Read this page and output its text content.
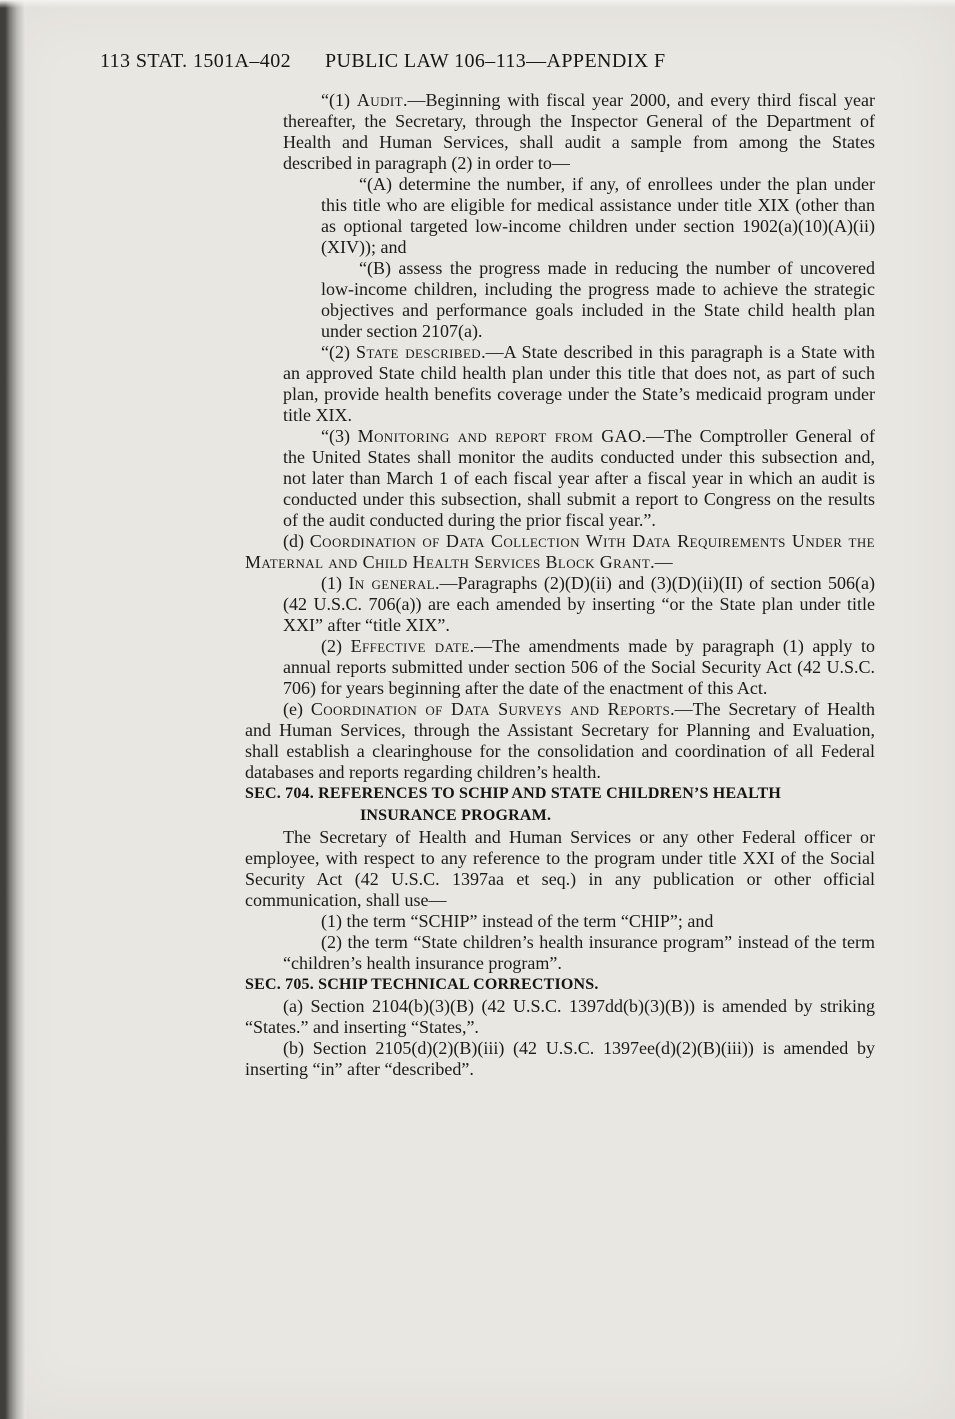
113 STAT. 1501A–402 PUBLIC LAW 106–113—APPENDIX F

“(1) Audit.—Beginning with fiscal year 2000, and every third fiscal year thereafter, the Secretary, through the Inspector General of the Department of Health and Human Services, shall audit a sample from among the States described in paragraph (2) in order to—

“(A) determine the number, if any, of enrollees under the plan under this title who are eligible for medical assistance under title XIX (other than as optional targeted low-income children under section 1902(a)(10)(A)(ii)(XIV)); and

“(B) assess the progress made in reducing the number of uncovered low-income children, including the progress made to achieve the strategic objectives and performance goals included in the State child health plan under section 2107(a).

“(2) State described.—A State described in this paragraph is a State with an approved State child health plan under this title that does not, as part of such plan, provide health benefits coverage under the State’s medicaid program under title XIX.

“(3) Monitoring and report from GAO.—The Comptroller General of the United States shall monitor the audits conducted under this subsection and, not later than March 1 of each fiscal year after a fiscal year in which an audit is conducted under this subsection, shall submit a report to Congress on the results of the audit conducted during the prior fiscal year.”.

(d) Coordination of Data Collection With Data Requirements Under the Maternal and Child Health Services Block Grant.—

(1) In general.—Paragraphs (2)(D)(ii) and (3)(D)(ii)(II) of section 506(a) (42 U.S.C. 706(a)) are each amended by inserting “or the State plan under title XXI” after “title XIX”.

(2) Effective date.—The amendments made by paragraph (1) apply to annual reports submitted under section 506 of the Social Security Act (42 U.S.C. 706) for years beginning after the date of the enactment of this Act.

(e) Coordination of Data Surveys and Reports.—The Secretary of Health and Human Services, through the Assistant Secretary for Planning and Evaluation, shall establish a clearinghouse for the consolidation and coordination of all Federal databases and reports regarding children’s health.

SEC. 704. REFERENCES TO SCHIP AND STATE CHILDREN’S HEALTH INSURANCE PROGRAM.

The Secretary of Health and Human Services or any other Federal officer or employee, with respect to any reference to the program under title XXI of the Social Security Act (42 U.S.C. 1397aa et seq.) in any publication or other official communication, shall use—

(1) the term “SCHIP” instead of the term “CHIP”; and

(2) the term “State children’s health insurance program” instead of the term “children’s health insurance program”.

SEC. 705. SCHIP TECHNICAL CORRECTIONS.

(a) Section 2104(b)(3)(B) (42 U.S.C. 1397dd(b)(3)(B)) is amended by striking “States.” and inserting “States,”.

(b) Section 2105(d)(2)(B)(iii) (42 U.S.C. 1397ee(d)(2)(B)(iii)) is amended by inserting “in” after “described”.
